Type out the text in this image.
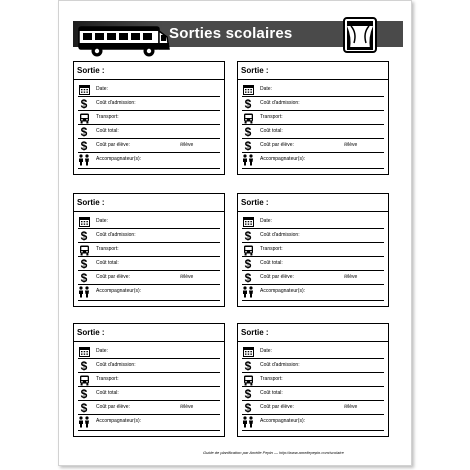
Sorties scolaires
Sortie :
Date:
$	Coût d'admission:
Transport:
$	Coût total:
$	Coût par élève:	/élève
Accompagnateur(s):
Sortie :
Date:
$	Coût d'admission:
Transport:
$	Coût total:
$	Coût par élève:	/élève
Accompagnateur(s):
Sortie :
Date:
$	Coût d'admission:
Transport:
$	Coût total:
$	Coût par élève:	/élève
Accompagnateur(s):
Sortie :
Date:
$	Coût d'admission:
Transport:
$	Coût total:
$	Coût par élève:	/élève
Accompagnateur(s):
Sortie :
Date:
$	Coût d'admission:
Transport:
$	Coût total:
$	Coût par élève:	/élève
Accompagnateur(s):
Sortie :
Date:
$	Coût d'admission:
Transport:
$	Coût total:
$	Coût par élève:	/élève
Accompagnateur(s):
Guide de planification par Amélie Pepin — http://www.ameliepepin.com/scolaire
